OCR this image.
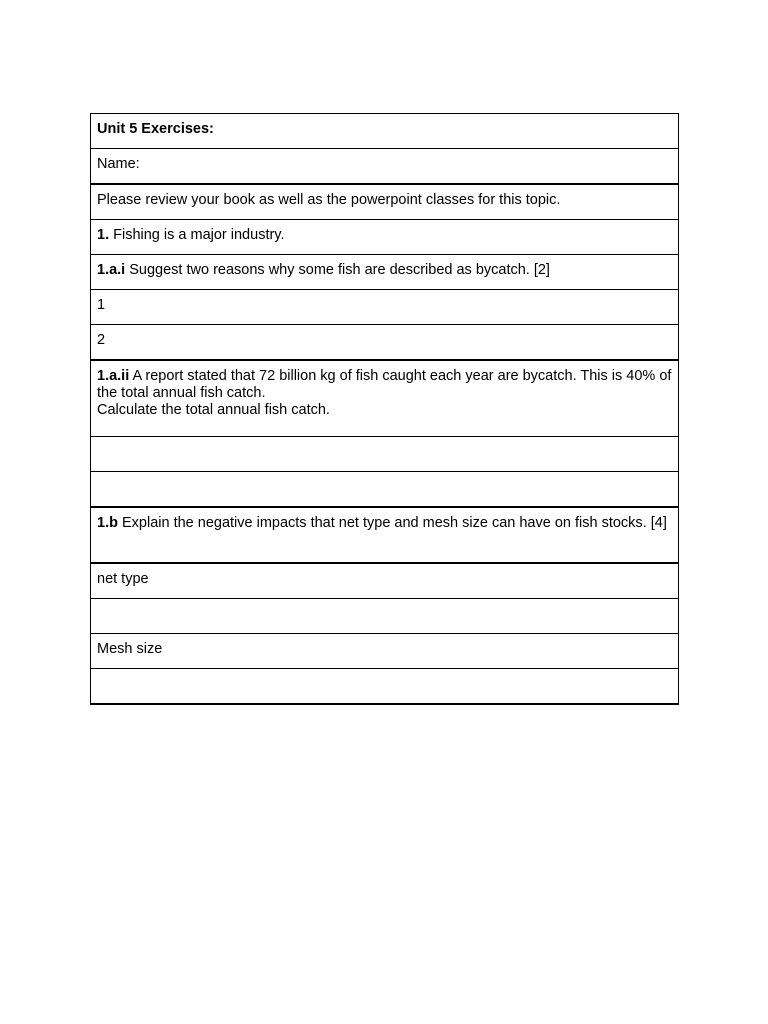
Unit 5 Exercises:
Name:
Please review your book as well as the powerpoint classes for this topic.
1. Fishing is a major industry.
1.a.i Suggest two reasons why some fish are described as bycatch. [2]
1
2
1.a.ii A report stated that 72 billion kg of fish caught each year are bycatch. This is 40% of the total annual fish catch.
Calculate the total annual fish catch.

1.b Explain the negative impacts that net type and mesh size can have on fish stocks. [4]
net type

Mesh size
